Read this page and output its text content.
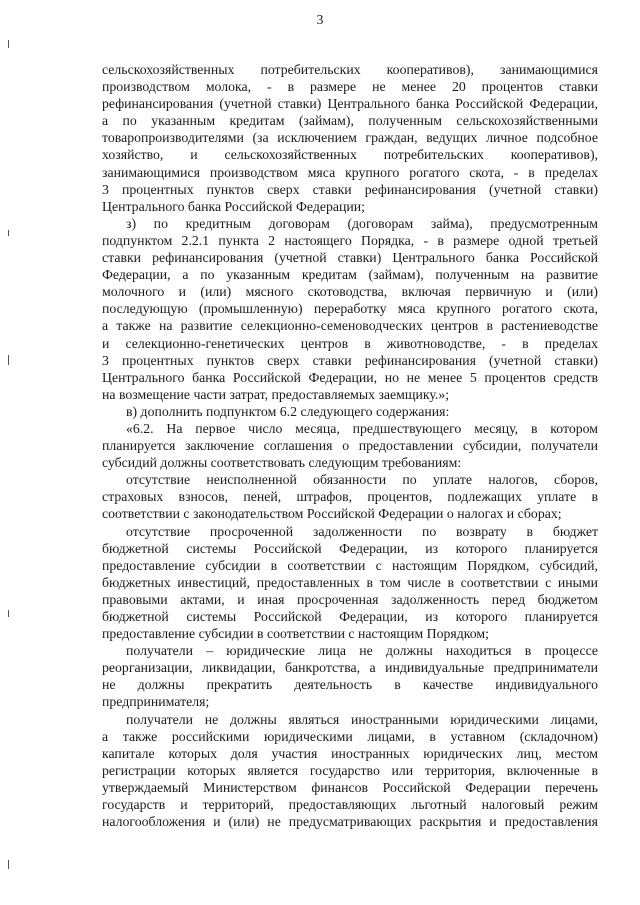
3
сельскохозяйственных потребительских кооперативов), занимающимися
производством молока, - в размере не менее 20 процентов ставки
рефинансирования (учетной ставки) Центрального банка Российской Федерации,
а по указанным кредитам (займам), полученным сельскохозяйственными
товаропроизводителями (за исключением граждан, ведущих личное подсобное
хозяйство, и сельскохозяйственных потребительских кооперативов),
занимающимися производством мяса крупного рогатого скота, - в пределах
3 процентных пунктов сверх ставки рефинансирования (учетной ставки)
Центрального банка Российской Федерации;
з) по кредитным договорам (договорам займа), предусмотренным
подпунктом 2.2.1 пункта 2 настоящего Порядка, - в размере одной третьей
ставки рефинансирования (учетной ставки) Центрального банка Российской
Федерации, а по указанным кредитам (займам), полученным на развитие
молочного и (или) мясного скотоводства, включая первичную и (или)
последующую (промышленную) переработку мяса крупного рогатого скота,
а также на развитие селекционно-семеноводческих центров в растениеводстве
и селекционно-генетических центров в животноводстве, - в пределах
3 процентных пунктов сверх ставки рефинансирования (учетной ставки)
Центрального банка Российской Федерации, но не менее 5 процентов средств
на возмещение части затрат, предоставляемых заемщику.»;
в) дополнить подпунктом 6.2 следующего содержания:
«6.2. На первое число месяца, предшествующего месяцу, в котором
планируется заключение соглашения о предоставлении субсидии, получатели
субсидий должны соответствовать следующим требованиям:
отсутствие неисполненной обязанности по уплате налогов, сборов,
страховых взносов, пеней, штрафов, процентов, подлежащих уплате в
соответствии с законодательством Российской Федерации о налогах и сборах;
отсутствие просроченной задолженности по возврату в бюджет
бюджетной системы Российской Федерации, из которого планируется
предоставление субсидии в соответствии с настоящим Порядком, субсидий,
бюджетных инвестиций, предоставленных в том числе в соответствии с иными
правовыми актами, и иная просроченная задолженность перед бюджетом
бюджетной системы Российской Федерации, из которого планируется
предоставление субсидии в соответствии с настоящим Порядком;
получатели – юридические лица не должны находиться в процессе
реорганизации, ликвидации, банкротства, а индивидуальные предприниматели
не должны прекратить деятельность в качестве индивидуального
предпринимателя;
получатели не должны являться иностранными юридическими лицами,
а также российскими юридическими лицами, в уставном (складочном)
капитале которых доля участия иностранных юридических лиц, местом
регистрации которых является государство или территория, включенные в
утверждаемый Министерством финансов Российской Федерации перечень
государств и территорий, предоставляющих льготный налоговый режим
налогообложения и (или) не предусматривающих раскрытия и предоставления
